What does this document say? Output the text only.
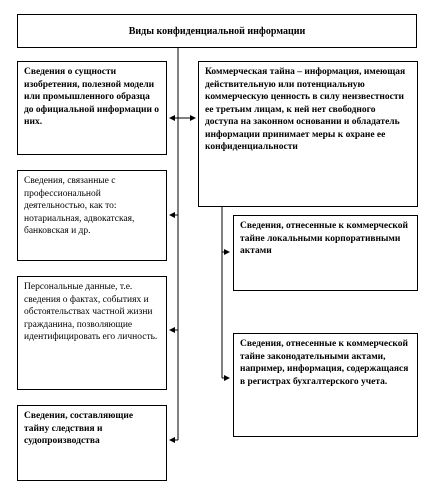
Виды конфиденциальной информации
Сведения о сущности изобретения, полезной модели или промышленного образца до официальной информации о них.
Сведения, связанные с профессиональной деятельностью, как то: нотариальная, адвокатская, банковская и др.
Персональные данные, т.е. сведения о фактах, событиях и обстоятельствах частной жизни гражданина, позволяющие идентифицировать его личность.
Сведения, составляющие тайну следствия и судопроизводства
Коммерческая тайна – информация, имеющая действительную или потенциальную коммерческую ценность в силу неизвестности ее третьим лицам, к ней нет свободного доступа на законном основании и обладатель информации принимает меры к охране ее конфиденциальности
Сведения, отнесенные к коммерческой тайне локальными корпоративными актами
Сведения, отнесенные к коммерческой тайне законодательными актами, например, информация, содержащаяся в регистрах бухгалтерского учета.
